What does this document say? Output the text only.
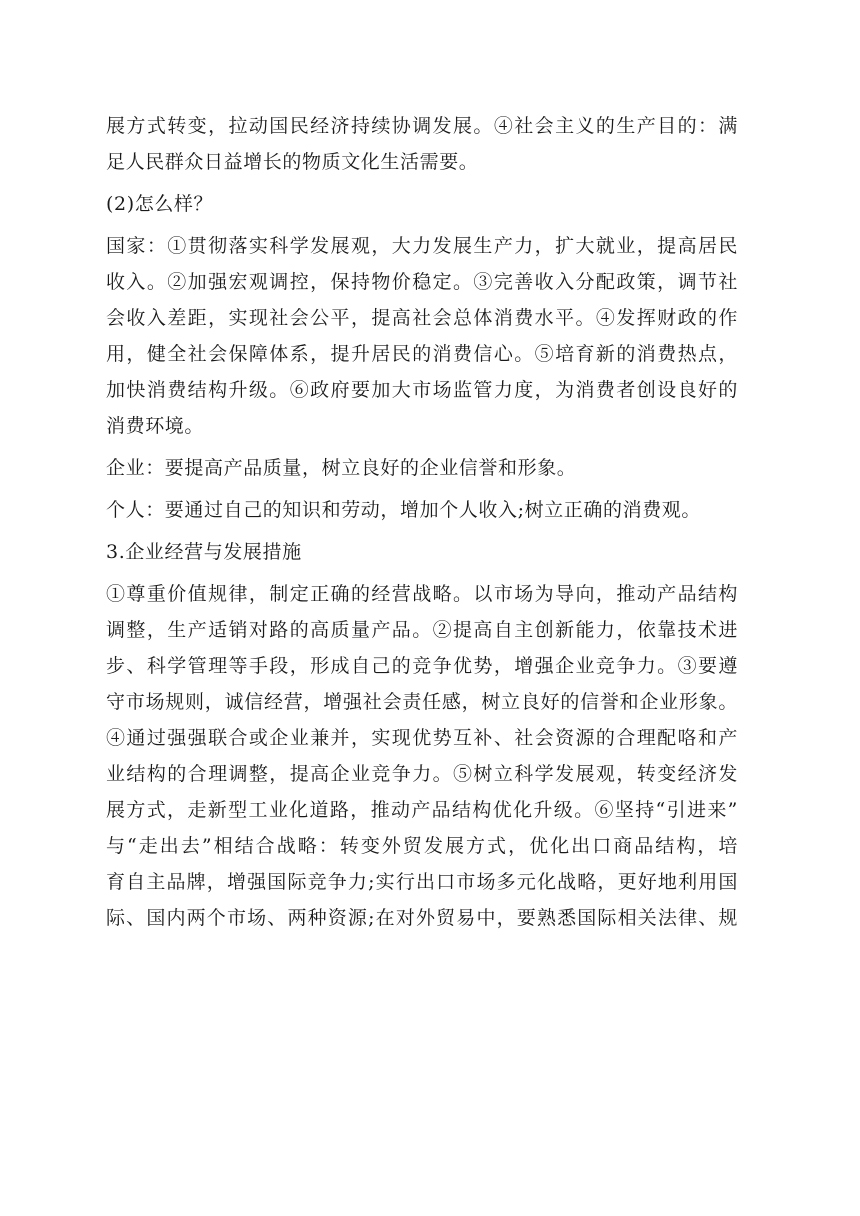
展方式转变，拉动国民经济持续协调发展。④社会主义的生产目的：满
足人民群众日益增长的物质文化生活需要。
(2)怎么样？
国家：①贯彻落实科学发展观，大力发展生产力，扩大就业，提高居民
收入。②加强宏观调控，保持物价稳定。③完善收入分配政策，调节社
会收入差距，实现社会公平，提高社会总体消费水平。④发挥财政的作
用，健全社会保障体系，提升居民的消费信心。⑤培育新的消费热点，
加快消费结构升级。⑥政府要加大市场监管力度，为消费者创设良好的
消费环境。
企业：要提高产品质量，树立良好的企业信誉和形象。
个人：要通过自己的知识和劳动，增加个人收入;树立正确的消费观。
3.企业经营与发展措施
①尊重价值规律，制定正确的经营战略。以市场为导向，推动产品结构
调整，生产适销对路的高质量产品。②提高自主创新能力，依靠技术进
步、科学管理等手段，形成自己的竞争优势，增强企业竞争力。③要遵
守市场规则，诚信经营，增强社会责任感，树立良好的信誉和企业形象。
④通过强强联合或企业兼并，实现优势互补、社会资源的合理配咯和产
业结构的合理调整，提高企业竞争力。⑤树立科学发展观，转变经济发
展方式，走新型工业化道路，推动产品结构优化升级。⑥坚持“引进来”
与“走出去”相结合战略：转变外贸发展方式，优化出口商品结构，培
育自主品牌，增强国际竞争力;实行出口市场多元化战略，更好地利用国
际、国内两个市场、两种资源;在对外贸易中，要熟悉国际相关法律、规
